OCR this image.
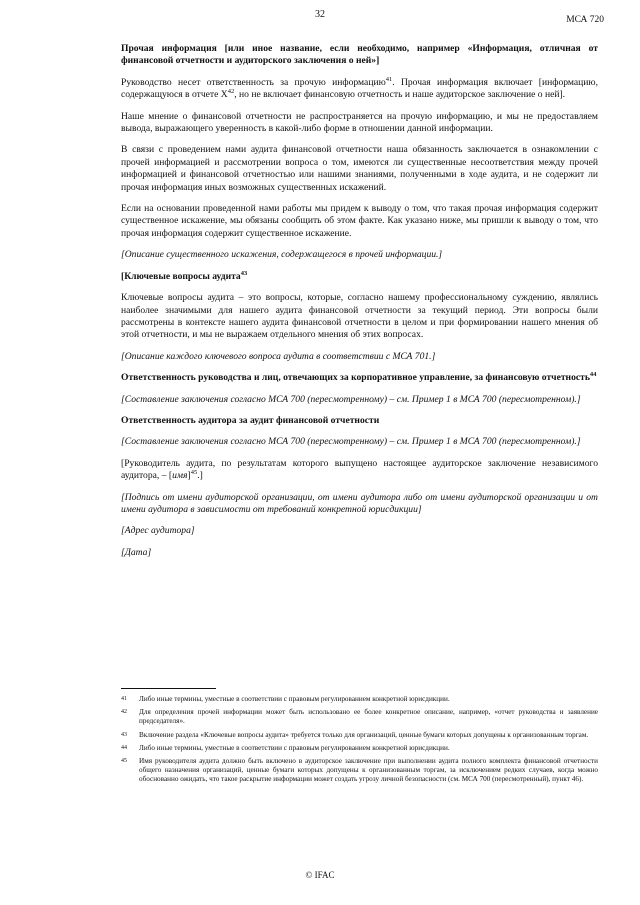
32	МСА 720

Прочая информация [или иное название, если необходимо, например «Информация, отличная от финансовой отчетности и аудиторского заключения о ней»]

Руководство несет ответственность за прочую информацию$^{41}$. Прочая информация включает [информацию, содержащуюся в отчете $X^{42}$, но не включает финансовую отчетность и наше аудиторское заключение о ней].

Наше мнение о финансовой отчетности не распространяется на прочую информацию, и мы не предоставляем вывода, выражающего уверенность в какой-либо форме в отношении данной информации.

В связи с проведением нами аудита финансовой отчетности наша обязанность заключается в ознакомлении с прочей информацией и рассмотрении вопроса о том, имеются ли существенные несоответствия между прочей информацией и финансовой отчетностью или нашими знаниями, полученными в ходе аудита, и не содержит ли прочая информация иных возможных существенных искажений.

Если на основании проведенной нами работы мы придем к выводу о том, что такая прочая информация содержит существенное искажение, мы обязаны сообщить об этом факте. Как указано ниже, мы пришли к выводу о том, что прочая информация содержит существенное искажение.

[Описание существенного искажения, содержащегося в прочей информации.]

[Ключевые вопросы аудита$^{43}$

Ключевые вопросы аудита – это вопросы, которые, согласно нашему профессиональному суждению, являлись наиболее значимыми для нашего аудита финансовой отчетности за текущий период. Эти вопросы были рассмотрены в контексте нашего аудита финансовой отчетности в целом и при формировании нашего мнения об этой отчетности, и мы не выражаем отдельного мнения об этих вопросах.

[Описание каждого ключевого вопроса аудита в соответствии с МСА 701.]

Ответственность руководства и лиц, отвечающих за корпоративное управление, за финансовую отчетность$^{44}$

[Составление заключения согласно МСА 700 (пересмотренному) – см. Пример 1 в МСА 700 (пересмотренном).]

Ответственность аудитора за аудит финансовой отчетности

[Составление заключения согласно МСА 700 (пересмотренному) – см. Пример 1 в МСА 700 (пересмотренном).]

[Руководитель аудита, по результатам которого выпущено настоящее аудиторское заключение независимого аудитора, – [имя]$^{45}$.]

[Подпись от имени аудиторской организации, от имени аудитора либо от имени аудиторской организации и от имени аудитора в зависимости от требований конкретной юрисдикции]

[Адрес аудитора]

[Дата]

41	Либо иные термины, уместные в соответствии с правовым регулированием конкретной юрисдикции.
42	Для определения прочей информации может быть использовано ее более конкретное описание, например, «отчет руководства и заявление председателя».
43	Включение раздела «Ключевые вопросы аудита» требуется только для организаций, ценные бумаги которых допущены к организованным торгам.
44	Либо иные термины, уместные в соответствии с правовым регулированием конкретной юрисдикции.
45	Имя руководителя аудита должно быть включено в аудиторское заключение при выполнении аудита полного комплекта финансовой отчетности общего назначения организаций, ценные бумаги которых допущены к организованным торгам, за исключением редких случаев, когда можно обоснованно ожидать, что такое раскрытие информации может создать угрозу личной безопасности (см. МСА 700 (пересмотренный), пункт 46).
© IFAC
